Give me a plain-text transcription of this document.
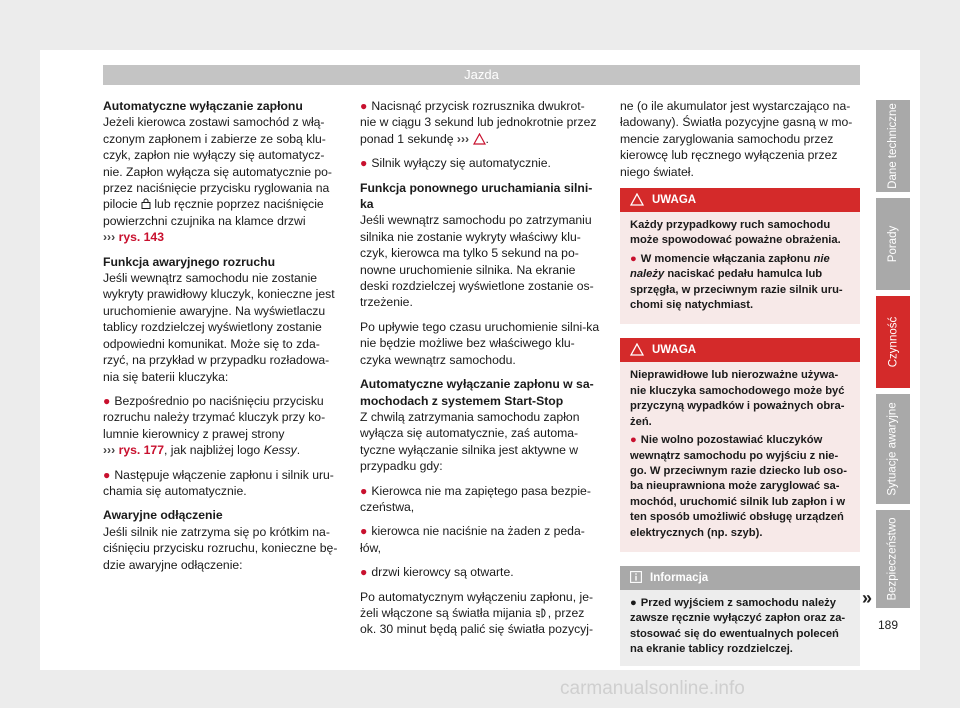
Jazda
Automatyczne wyłączanie zapłonu

Jeżeli kierowca zostawi samochód z włą-czonym zapłonem i zabierze ze sobą klu-czyk, zapłon nie wyłączy się automatycz-nie. Zapłon wyłącza się automatycznie po-przez naciśnięcie przycisku ryglowania na pilocie lub ręcznie poprzez naciśnięcie powierzchni czujnika na klamce drzwi
››› rys. 143

Funkcja awaryjnego rozruchu

Jeśli wewnątrz samochodu nie zostanie wykryty prawidłowy kluczyk, konieczne jest uruchomienie awaryjne. Na wyświetlaczu tablicy rozdzielczej wyświetlony zostanie odpowiedni komunikat. Może się to zda-rzyć, na przykład w przypadku rozładowa-nia się baterii kluczyka:

● Bezpośrednio po naciśnięciu przycisku rozruchu należy trzymać kluczyk przy ko-lumnie kierownicy z prawej strony
››› rys. 177, jak najbliżej logo Kessy.

● Następuje włączenie zapłonu i silnik uru-chamia się automatycznie.

Awaryjne odłączenie

Jeśli silnik nie zatrzyma się po krótkim na-ciśnięciu przycisku rozruchu, konieczne bę-dzie awaryjne odłączenie:

● Nacisnąć przycisk rozrusznika dwukrot-nie w ciągu 3 sekund lub jednokrotnie przez ponad 1 sekundę ››› .

● Silnik wyłączy się automatycznie.

Funkcja ponownego uruchamiania silni-ka

Jeśli wewnątrz samochodu po zatrzymaniu silnika nie zostanie wykryty właściwy klu-czyk, kierowca ma tylko 5 sekund na po-nowne uruchomienie silnika. Na ekranie deski rozdzielczej wyświetlone zostanie os-trzeżenie.

Po upływie tego czasu uruchomienie silni-ka nie będzie możliwe bez właściwego klu-czyka wewnątrz samochodu.

Automatyczne wyłączanie zapłonu w sa-mochodach z systemem Start-Stop

Z chwilą zatrzymania samochodu zapłon wyłącza się automatycznie, zaś automa-tyczne wyłączanie silnika jest aktywne w przypadku gdy:

● Kierowca nie ma zapiętego pasa bezpie-czeństwa,

● kierowca nie naciśnie na żaden z peda-łów,

● drzwi kierowcy są otwarte.

Po automatycznym wyłączeniu zapłonu, je-żeli włączone są światła mijania , przez ok. 30 minut będą palić się światła pozycyj-

ne (o ile akumulator jest wystarczająco na-ładowany). Światła pozycyjne gasną w mo-mencie zaryglowania samochodu przez kierowcę lub ręcznego wyłączenia przez niego świateł.

UWAGA

Każdy przypadkowy ruch samochodu może spowodować poważne obrażenia.

● W momencie włączania zapłonu nie należy naciskać pedału hamulca lub sprzęgła, w przeciwnym razie silnik uru-chomi się natychmiast.

UWAGA

Nieprawidłowe lub nierozważne używa-nie kluczyka samochodowego może być przyczyną wypadków i poważnych obra-żeń.

● Nie wolno pozostawiać kluczyków wewnątrz samochodu po wyjściu z nie-go. W przeciwnym razie dziecko lub oso-ba nieuprawniona może zaryglować sa-mochód, uruchomić silnik lub zapłon i w ten sposób umożliwić obsługę urządzeń elektrycznych (np. szyb).

Informacja
● Przed wyjściem z samochodu należy zawsze ręcznie wyłączyć zapłon oraz za-stosować się do ewentualnych poleceń na ekranie tablicy rozdzielczej.
Dane techniczne
Porady
Czynność
Sytuacje awaryjne
Bezpieczeństwo
»
189
carmanualsonline.info
